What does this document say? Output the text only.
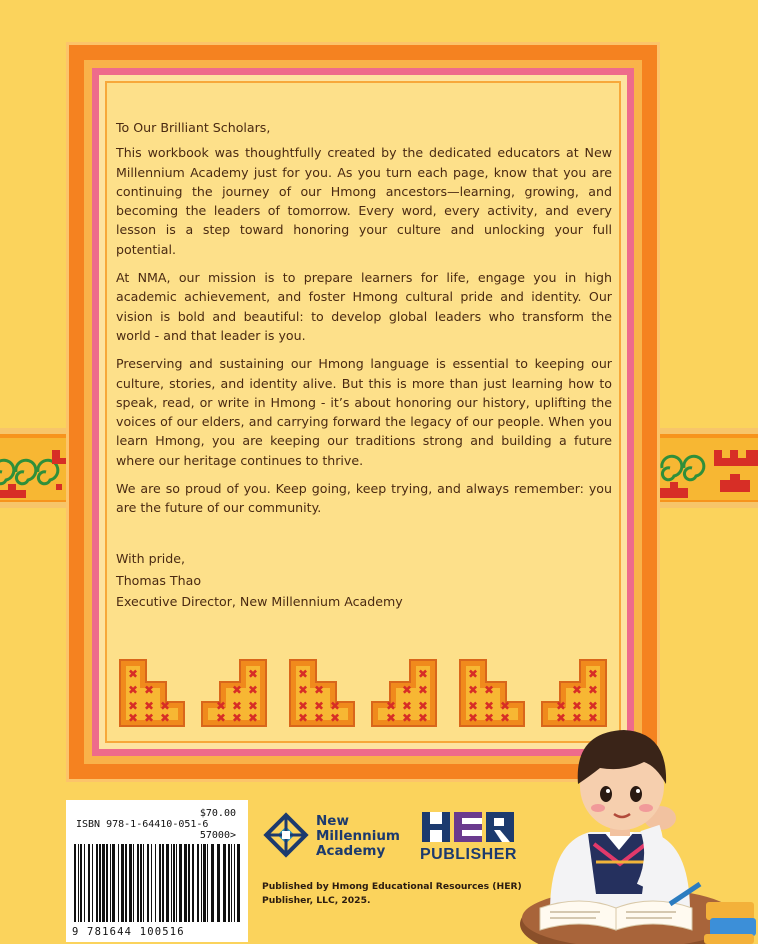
To Our Brilliant Scholars,

This workbook was thoughtfully created by the dedicated educators at New Millennium Academy just for you. As you turn each page, know that you are continuing the journey of our Hmong ancestors—learning, growing, and becoming the leaders of tomorrow. Every word, every activity, and every lesson is a step toward honoring your culture and unlocking your full potential.

At NMA, our mission is to prepare learners for life, engage you in high academic achievement, and foster Hmong cultural pride and identity. Our vision is bold and beautiful: to develop global leaders who transform the world - and that leader is you.

Preserving and sustaining our Hmong language is essential to keeping our culture, stories, and identity alive. But this is more than just learning how to speak, read, or write in Hmong - it’s about honoring our history, uplifting the voices of our elders, and carrying forward the legacy of our people. When you learn Hmong, you are keeping our traditions strong and building a future where our heritage continues to thrive.

We are so proud of you. Keep going, keep trying, and always remember: you are the future of our community.

With pride,
Thomas Thao
Executive Director, New Millennium Academy
✖
✖ ✖
✖ ✖ ✖
✖ ✖ ✖
✖
✖
✖
✖
✖
✖
✖
✖
✖
✖
✖ ✖
✖ ✖ ✖
✖ ✖ ✖
✖
✖
✖
✖
✖
✖
✖
✖
✖
✖
✖ ✖
✖ ✖ ✖
✖ ✖ ✖
✖
✖
✖
✖
✖
✖
✖
✖
✖
$70.00
ISBN 978-1-64410-051-6
57000>
9 781644 100516
New
Millennium
Academy	PUBLISHER
Published by Hmong Educational Resources (HER) Publisher, LLC, 2025.
